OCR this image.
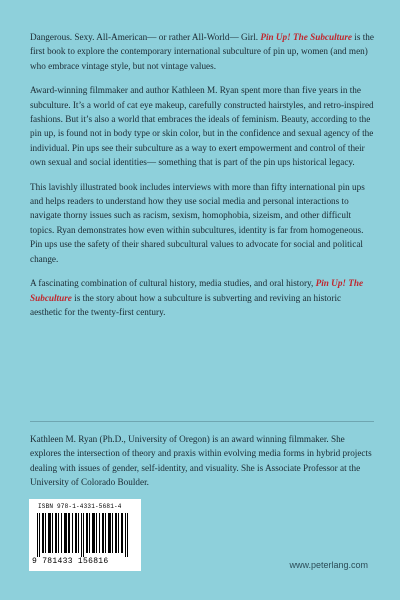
Dangerous. Sexy. All-American— or rather All-World— Girl. Pin Up! The Subculture is the first book to explore the contemporary international subculture of pin up, women (and men) who embrace vintage style, but not vintage values.

Award-winning filmmaker and author Kathleen M. Ryan spent more than five years in the subculture. It’s a world of cat eye makeup, carefully constructed hairstyles, and retro-inspired fashions. But it’s also a world that embraces the ideals of feminism. Beauty, according to the pin up, is found not in body type or skin color, but in the confidence and sexual agency of the individual. Pin ups see their subculture as a way to exert empowerment and control of their own sexual and social identities— something that is part of the pin ups historical legacy.

This lavishly illustrated book includes interviews with more than fifty international pin ups and helps readers to understand how they use social media and personal interactions to navigate thorny issues such as racism, sexism, homophobia, sizeism, and other difficult topics. Ryan demonstrates how even within subcultures, identity is far from homogeneous. Pin ups use the safety of their shared subcultural values to advocate for social and political change.

A fascinating combination of cultural history, media studies, and oral history, Pin Up! The Subculture is the story about how a subculture is subverting and reviving an historic aesthetic for the twenty-first century.

Kathleen M. Ryan (Ph.D., University of Oregon) is an award winning filmmaker. She explores the intersection of theory and praxis within evolving media forms in hybrid projects dealing with issues of gender, self-identity, and visuality. She is Associate Professor at the University of Colorado Boulder.

ISBN 978-1-4331-5681-4
9 781433 156816	www.peterlang.com
